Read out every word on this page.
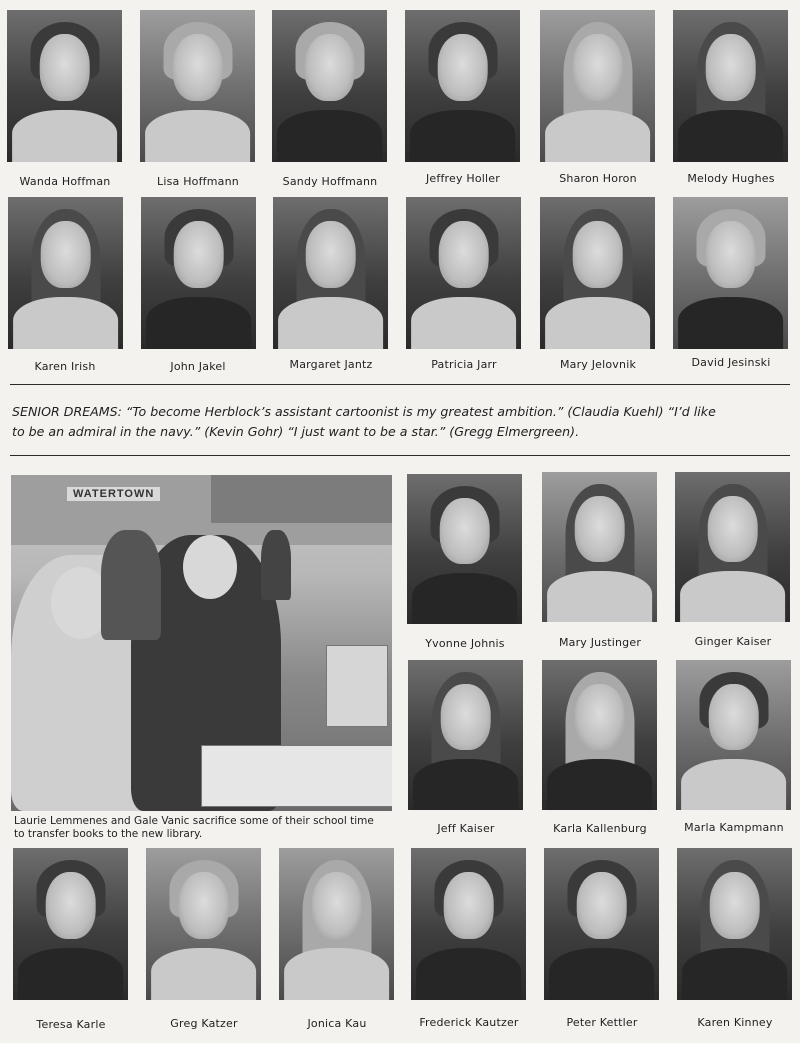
Wanda Hoffman	Lisa Hoffmann	Sandy Hoffmann	Jeffrey Holler	Sharon Horon	Melody Hughes
Karen Irish	John Jakel	Margaret Jantz	Patricia Jarr	Mary Jelovnik	David Jesinski
SENIOR DREAMS: “To become Herblock’s assistant cartoonist is my greatest ambition.” (Claudia Kuehl) “I’d like
to be an admiral in the navy.” (Kevin Gohr) “I just want to be a star.” (Gregg Elmergreen).
WATERTOWN
Laurie Lemmenes and Gale Vanic sacrifice some of their school time
to transfer books to the new library.
Yvonne Johnis	Mary Justinger	Ginger Kaiser
Jeff Kaiser	Karla Kallenburg	Marla Kampmann
Teresa Karle	Greg Katzer	Jonica Kau	Frederick Kautzer	Peter Kettler	Karen Kinney
